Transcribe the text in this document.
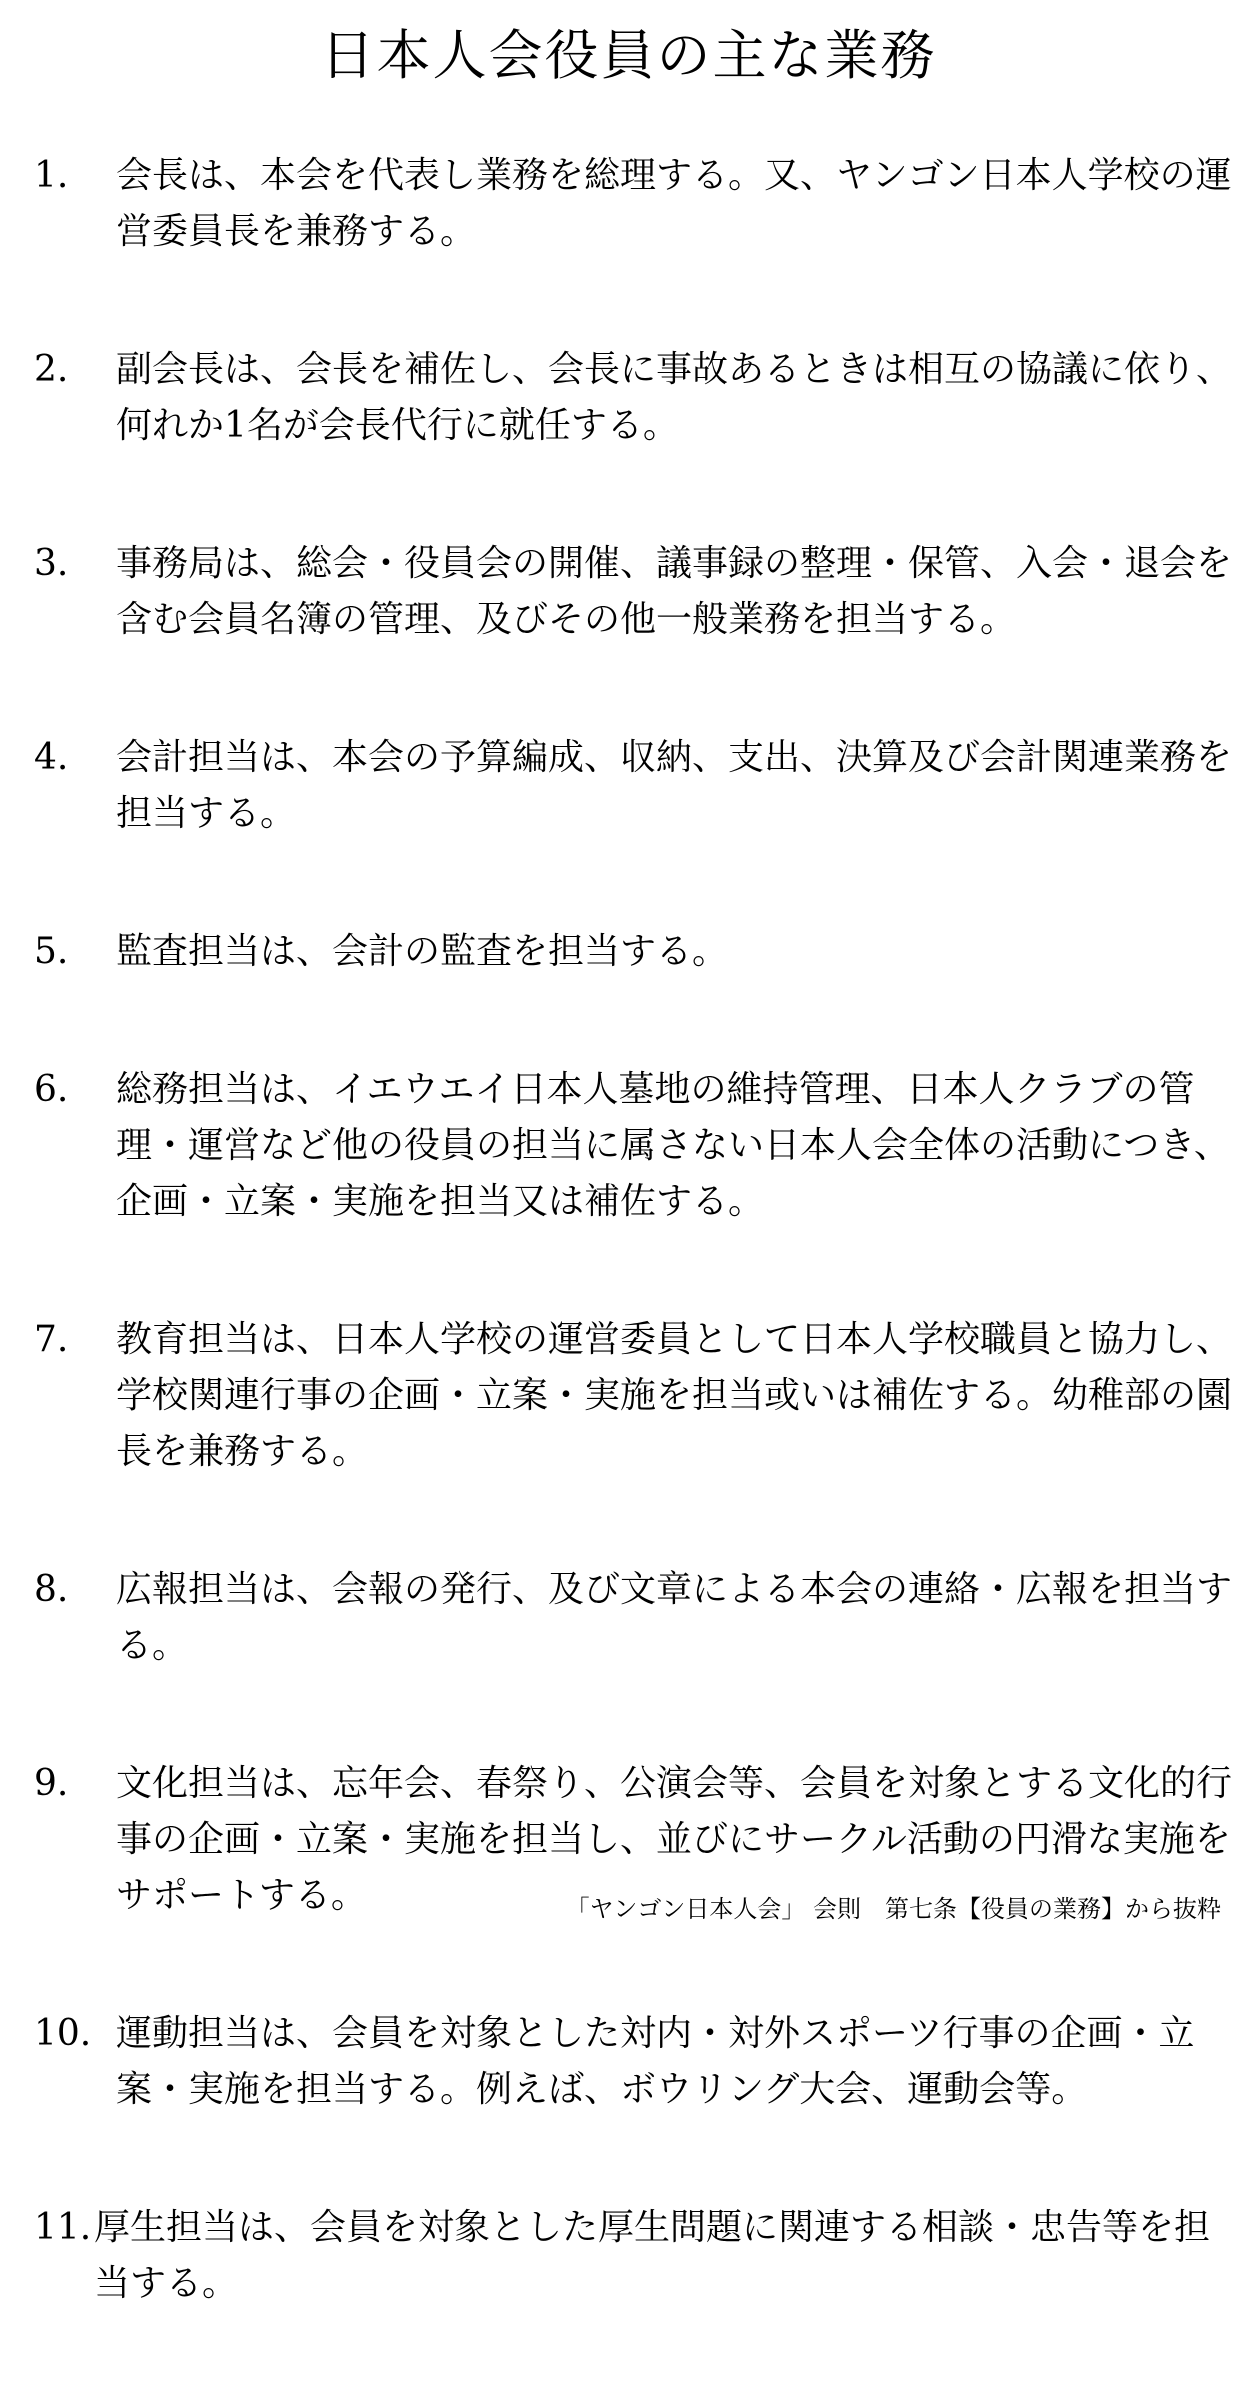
日本人会役員の主な業務
1. 会長は、本会を代表し業務を総理する。又、ヤンゴン日本人学校の運営委員長を兼務する。
2. 副会長は、会長を補佐し、会長に事故あるときは相互の協議に依り、何れか1名が会長代行に就任する。
3. 事務局は、総会・役員会の開催、議事録の整理・保管、入会・退会を含む会員名簿の管理、及びその他一般業務を担当する。
4. 会計担当は、本会の予算編成、収納、支出、決算及び会計関連業務を担当する。
5. 監査担当は、会計の監査を担当する。
6. 総務担当は、イエウエイ日本人墓地の維持管理、日本人クラブの管理・運営など他の役員の担当に属さない日本人会全体の活動につき、企画・立案・実施を担当又は補佐する。
7. 教育担当は、日本人学校の運営委員として日本人学校職員と協力し、学校関連行事の企画・立案・実施を担当或いは補佐する。幼稚部の園長を兼務する。
8. 広報担当は、会報の発行、及び文章による本会の連絡・広報を担当する。
9. 文化担当は、忘年会、春祭り、公演会等、会員を対象とする文化的行事の企画・立案・実施を担当し、並びにサークル活動の円滑な実施をサポートする。
10. 運動担当は、会員を対象とした対内・対外スポーツ行事の企画・立案・実施を担当する。例えば、ボウリング大会、運動会等。
11. 厚生担当は、会員を対象とした厚生問題に関連する相談・忠告等を担当する。
「ヤンゴン日本人会」 会則　第七条【役員の業務】から抜粋
